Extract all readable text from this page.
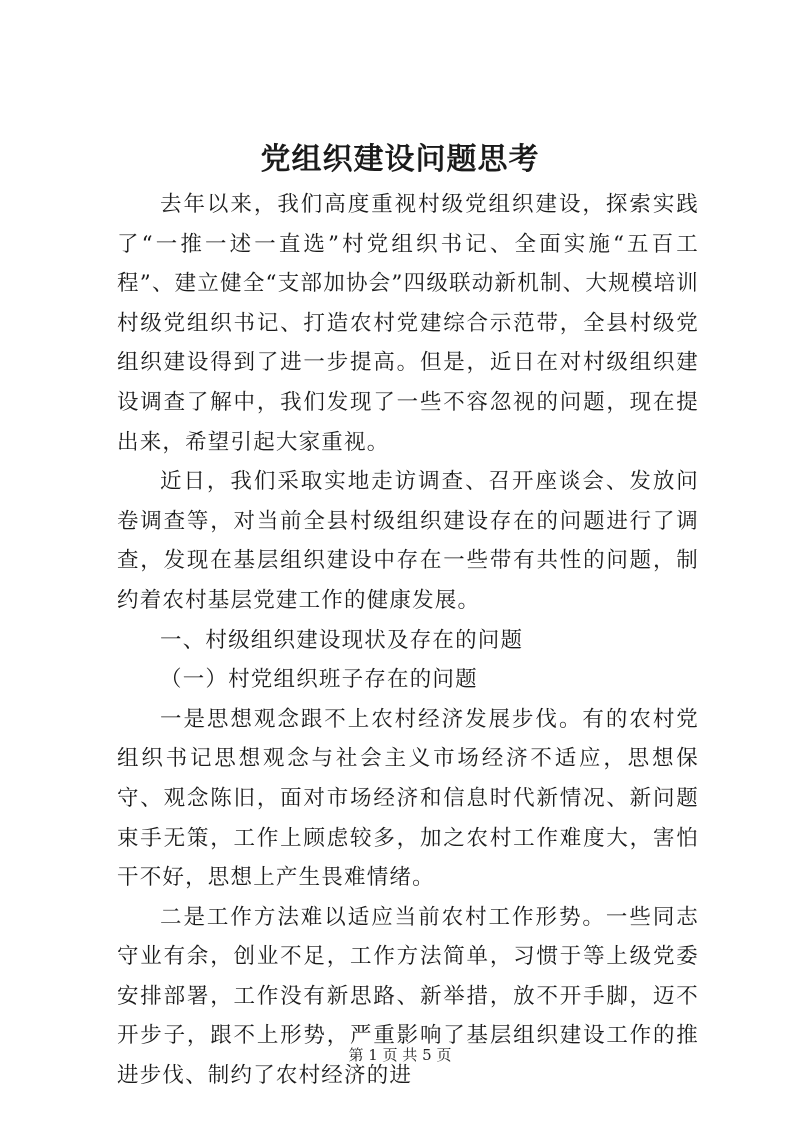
党组织建设问题思考

去年以来，我们高度重视村级党组织建设，探索实践了“一推一述一直选”村党组织书记、全面实施“五百工程”、建立健全“支部加协会”四级联动新机制、大规模培训村级党组织书记、打造农村党建综合示范带，全县村级党组织建设得到了进一步提高。但是，近日在对村级组织建设调查了解中，我们发现了一些不容忽视的问题，现在提出来，希望引起大家重视。

近日，我们采取实地走访调查、召开座谈会、发放问卷调查等，对当前全县村级组织建设存在的问题进行了调查，发现在基层组织建设中存在一些带有共性的问题，制约着农村基层党建工作的健康发展。

一、村级组织建设现状及存在的问题

（一）村党组织班子存在的问题

一是思想观念跟不上农村经济发展步伐。有的农村党组织书记思想观念与社会主义市场经济不适应，思想保守、观念陈旧，面对市场经济和信息时代新情况、新问题束手无策，工作上顾虑较多，加之农村工作难度大，害怕干不好，思想上产生畏难情绪。

二是工作方法难以适应当前农村工作形势。一些同志守业有余，创业不足，工作方法简单，习惯于等上级党委安排部署，工作没有新思路、新举措，放不开手脚，迈不开步子，跟不上形势，严重影响了基层组织建设工作的推进步伐、制约了农村经济的进

第 1 页 共 5 页
